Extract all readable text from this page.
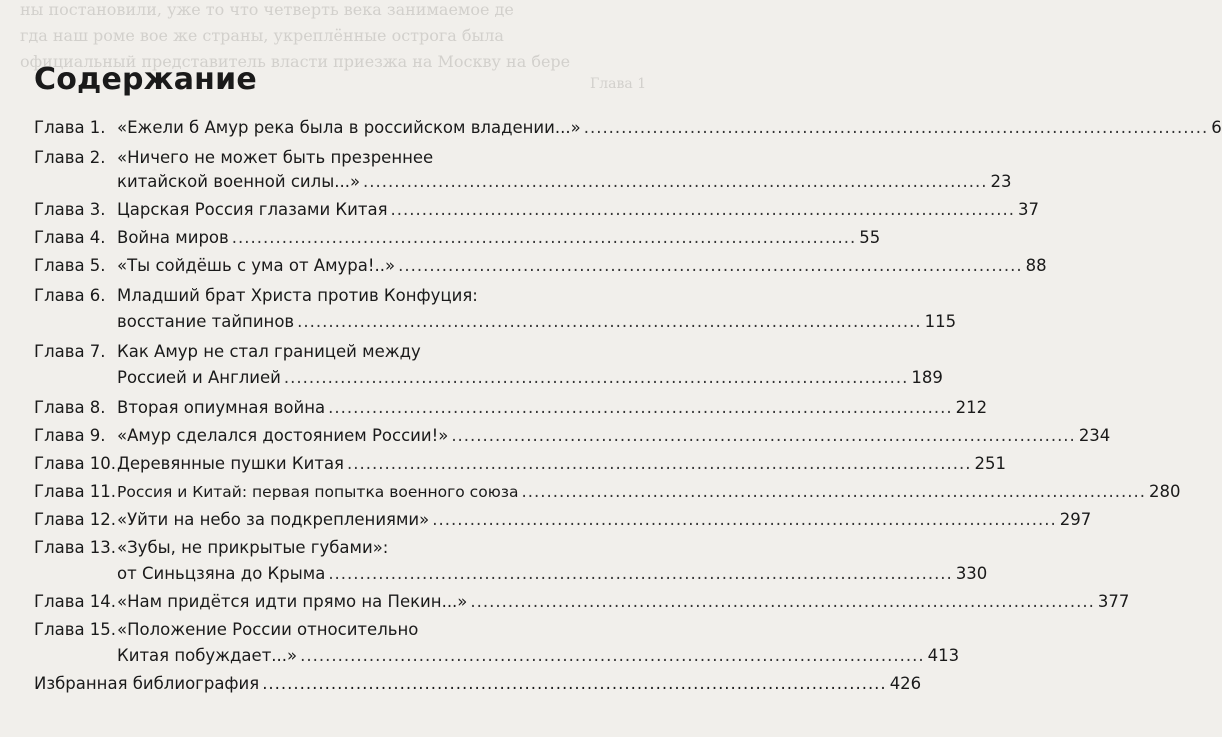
ны постановили, уже то что четверть века занимаемое де
гда наш роме вое же страны, укреплённые острога была
официальный представитель власти приезжа на Москву на бере
Глава 1
Содержание
Глава 1. «Ежели б Амур река была в российском владении...» .................................................................................................... 6
Глава 2. «Ничего не может быть презреннее
китайской военной силы...» .................................................................................................... 23
Глава 3. Царская Россия глазами Китая .................................................................................................... 37
Глава 4. Война миров .................................................................................................... 55
Глава 5. «Ты сойдёшь с ума от Амура!..» .................................................................................................... 88
Глава 6. Младший брат Христа против Конфуция:
восстание тайпинов .................................................................................................... 115
Глава 7. Как Амур не стал границей между
Россией и Англией .................................................................................................... 189
Глава 8. Вторая опиумная война .................................................................................................... 212
Глава 9. «Амур сделался достоянием России!» .................................................................................................... 234
Глава 10. Деревянные пушки Китая .................................................................................................... 251
Глава 11. Россия и Китай: первая попытка военного союза .................................................................................................... 280
Глава 12. «Уйти на небо за подкреплениями» .................................................................................................... 297
Глава 13. «Зубы, не прикрытые губами»:
от Синьцзяна до Крыма .................................................................................................... 330
Глава 14. «Нам придётся идти прямо на Пекин...» .................................................................................................... 377
Глава 15. «Положение России относительно
Китая побуждает...» .................................................................................................... 413
Избранная библиография .................................................................................................... 426
